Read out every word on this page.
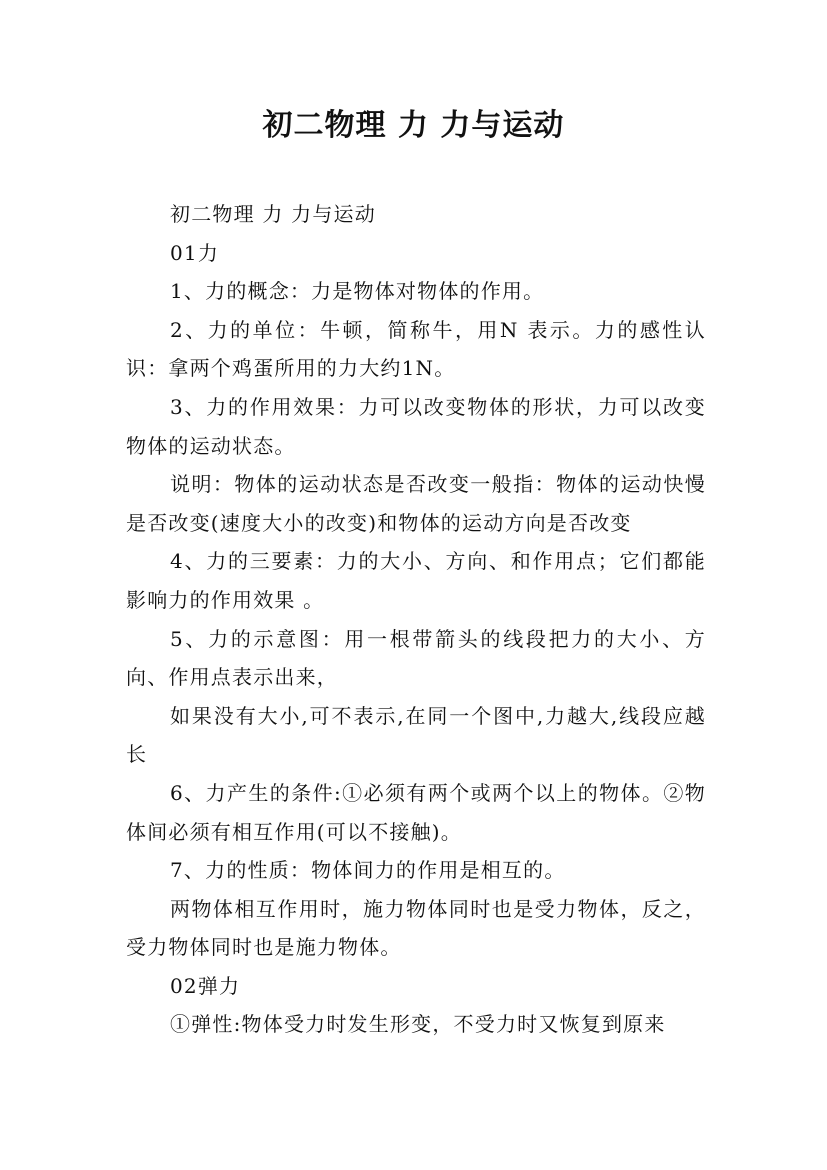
初二物理 力 力与运动

初二物理 力 力与运动

01力

1、力的概念：力是物体对物体的作用。

2、力的单位：牛顿，简称牛，用N 表示。力的感性认识：拿两个鸡蛋所用的力大约1N。

3、力的作用效果：力可以改变物体的形状，力可以改变物体的运动状态。

说明：物体的运动状态是否改变一般指：物体的运动快慢是否改变(速度大小的改变)和物体的运动方向是否改变

4、力的三要素：力的大小、方向、和作用点；它们都能影响力的作用效果 。

5、力的示意图：用一根带箭头的线段把力的大小、方向、作用点表示出来，

如果没有大小,可不表示,在同一个图中,力越大,线段应越长

6、力产生的条件:①必须有两个或两个以上的物体。②物体间必须有相互作用(可以不接触)。

7、力的性质：物体间力的作用是相互的。

两物体相互作用时，施力物体同时也是受力物体，反之，受力物体同时也是施力物体。

02弹力

①弹性:物体受力时发生形变，不受力时又恢复到原来
